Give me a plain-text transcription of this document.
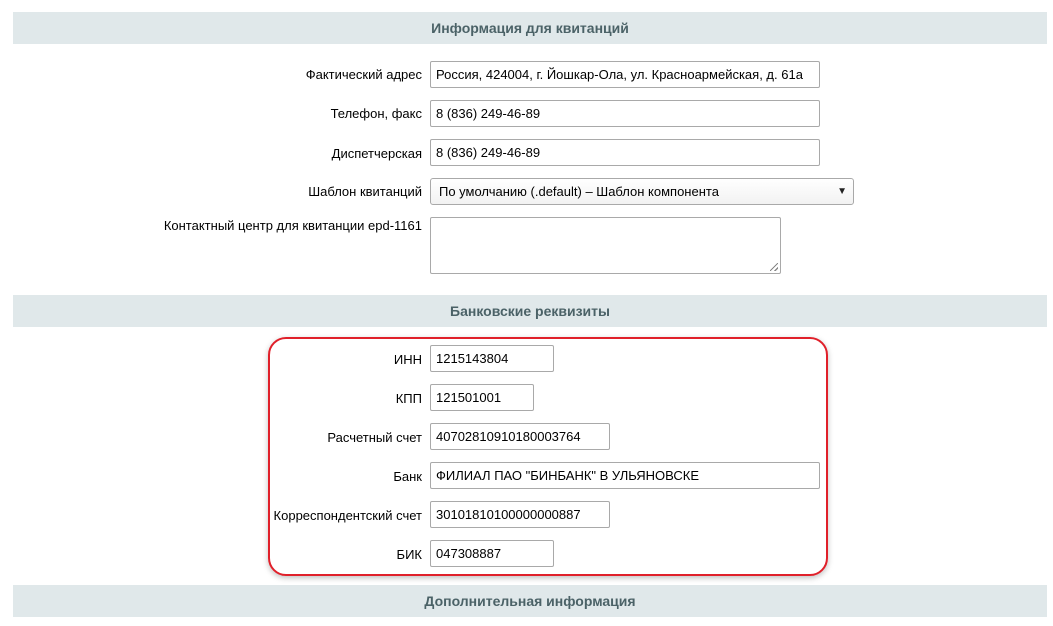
Информация для квитанций
Фактический адрес	Россия, 424004, г. Йошкар-Ола, ул. Красноармейская, д. 61а
Телефон, факс	8 (836) 249-46-89
Диспетчерская	8 (836) 249-46-89
Шаблон квитанций	По умолчанию (.default) – Шаблон компонента	▼
Контактный центр для квитанции epd-1161
Банковские реквизиты
ИНН	1215143804
КПП	121501001
Расчетный счет	40702810910180003764
Банк	ФИЛИАЛ ПАО "БИНБАНК" В УЛЬЯНОВСКЕ
Корреспондентский счет	30101810100000000887
БИК	047308887
Дополнительная информация
